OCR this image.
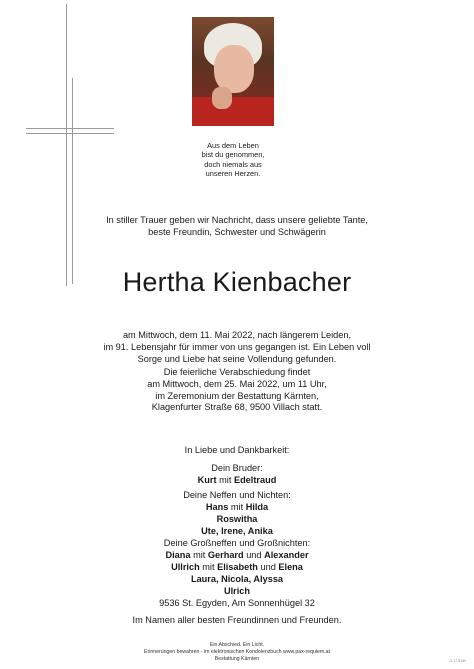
Aus dem Leben
bist du genommen,
doch niemals aus
unseren Herzen.

In stiller Trauer geben wir Nachricht, dass unsere geliebte Tante,
beste Freundin, Schwester und Schwägerin

Hertha Kienbacher

am Mittwoch, dem 11. Mai 2022, nach längerem Leiden,
im 91. Lebensjahr für immer von uns gegangen ist. Ein Leben voll
Sorge und Liebe hat seine Vollendung gefunden.

Die feierliche Verabschiedung findet
am Mittwoch, dem 25. Mai 2022, um 11 Uhr,
im Zeremonium der Bestattung Kärnten,
Klagenfurter Straße 68, 9500 Villach statt.

In Liebe und Dankbarkeit:

Dein Bruder:
Kurt mit Edeltraud

Deine Neffen und Nichten:
Hans mit Hilda
Roswitha
Ute, Irene, Anika

Deine Großneffen und Großnichten:
Diana mit Gerhard und Alexander
Ullrich mit Elisabeth und Elena
Laura, Nicola, Alyssa
Ulrich

9536 St. Egyden, Am Sonnenhügel 32

Im Namen aller besten Freundinnen und Freunden.

Ein Abschied. Ein Licht.
Erinnerungen bewahren - im elektronischen Kondolenzbuch www.pax-requiem.at
Bestattung Kärnten	D-17-5190
